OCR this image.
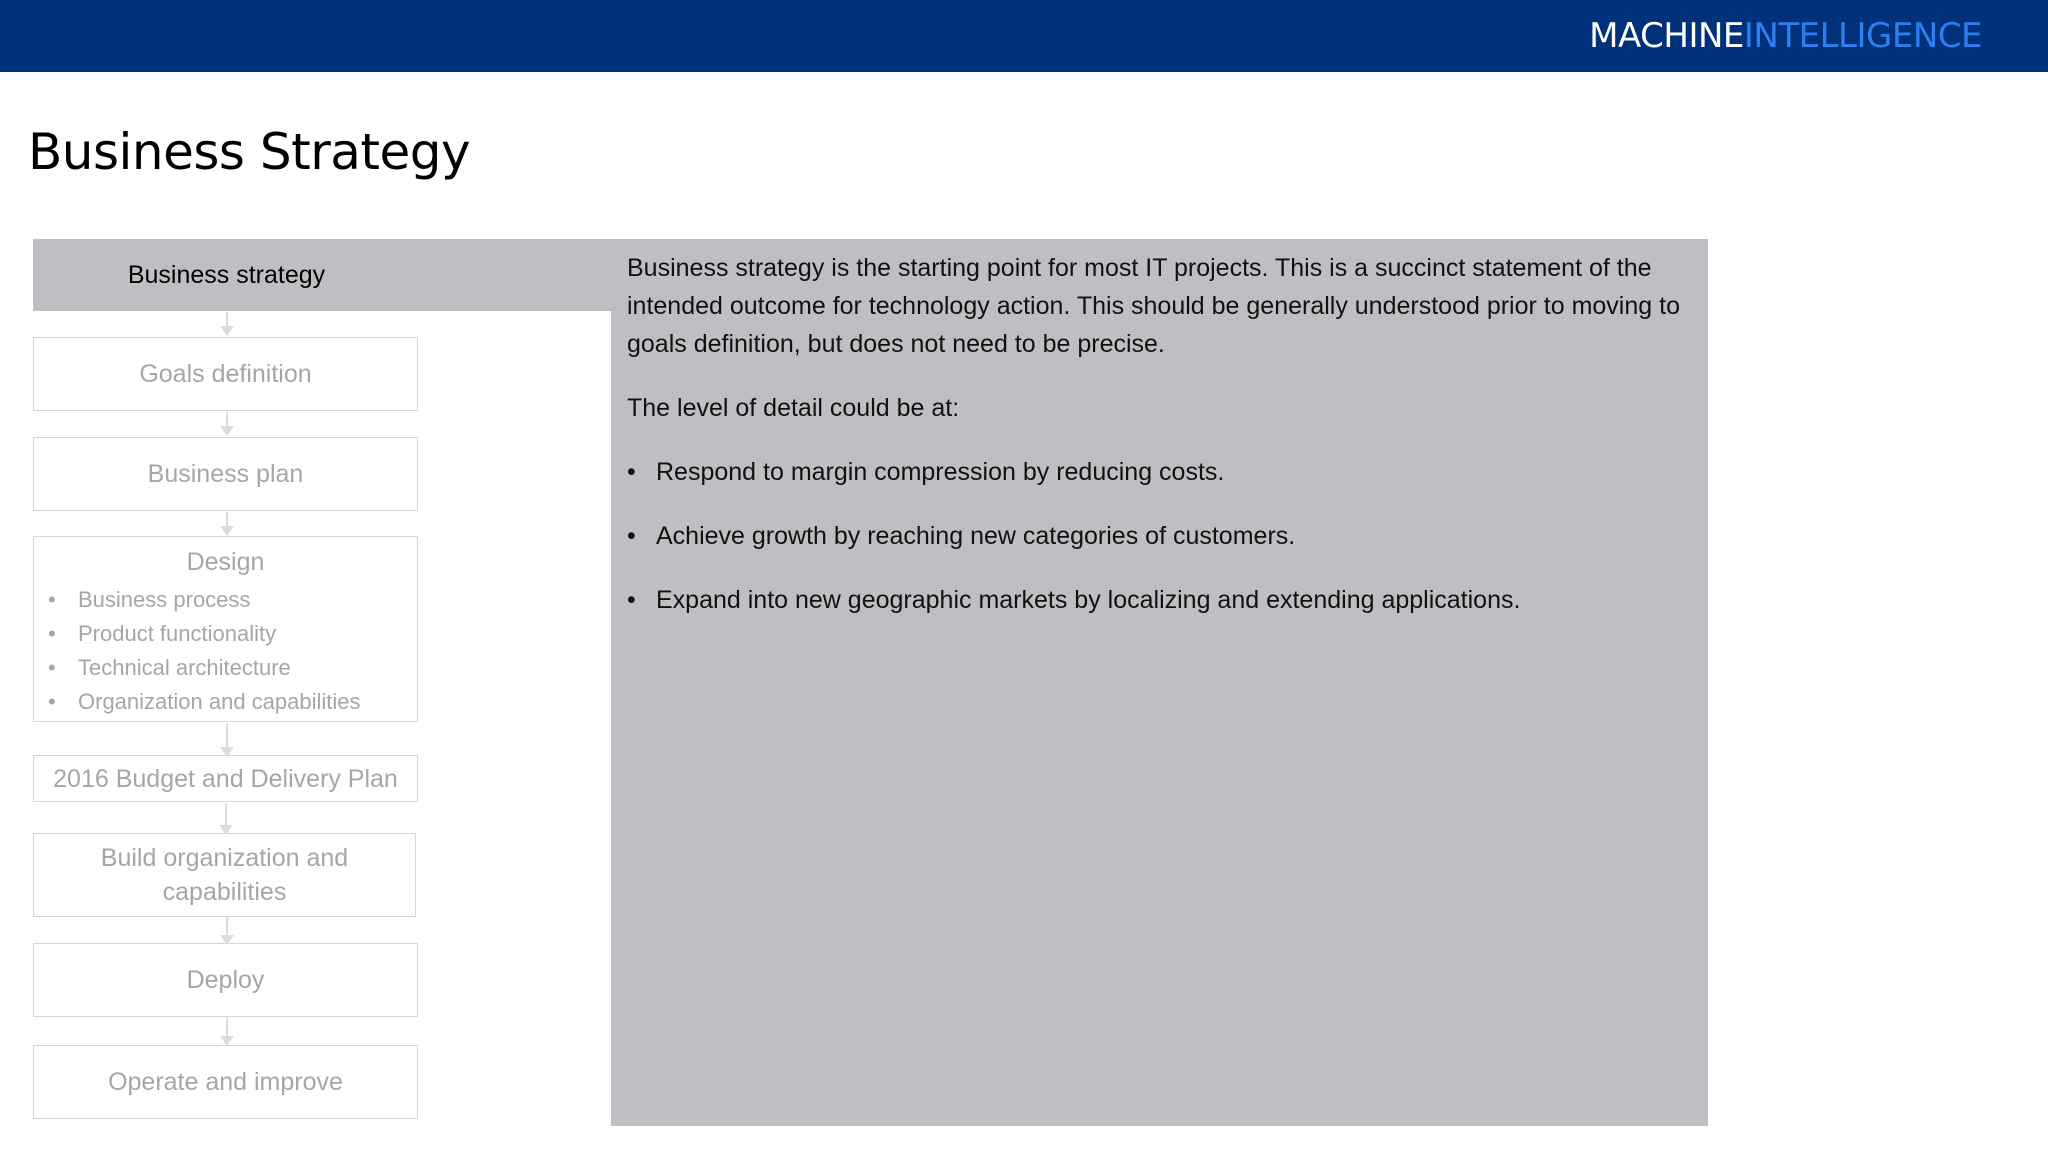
MACHINEINTELLIGENCE
Business Strategy
Business strategy
Goals definition
Business plan
Design
• Business process
• Product functionality
• Technical architecture
• Organization and capabilities
2016 Budget and Delivery Plan
Build organization and capabilities
Deploy
Operate and improve

Business strategy is the starting point for most IT projects. This is a succinct statement of the intended outcome for technology action. This should be generally understood prior to moving to goals definition, but does not need to be precise.

The level of detail could be at:

• Respond to margin compression by reducing costs.
• Achieve growth by reaching new categories of customers.
• Expand into new geographic markets by localizing and extending applications.
